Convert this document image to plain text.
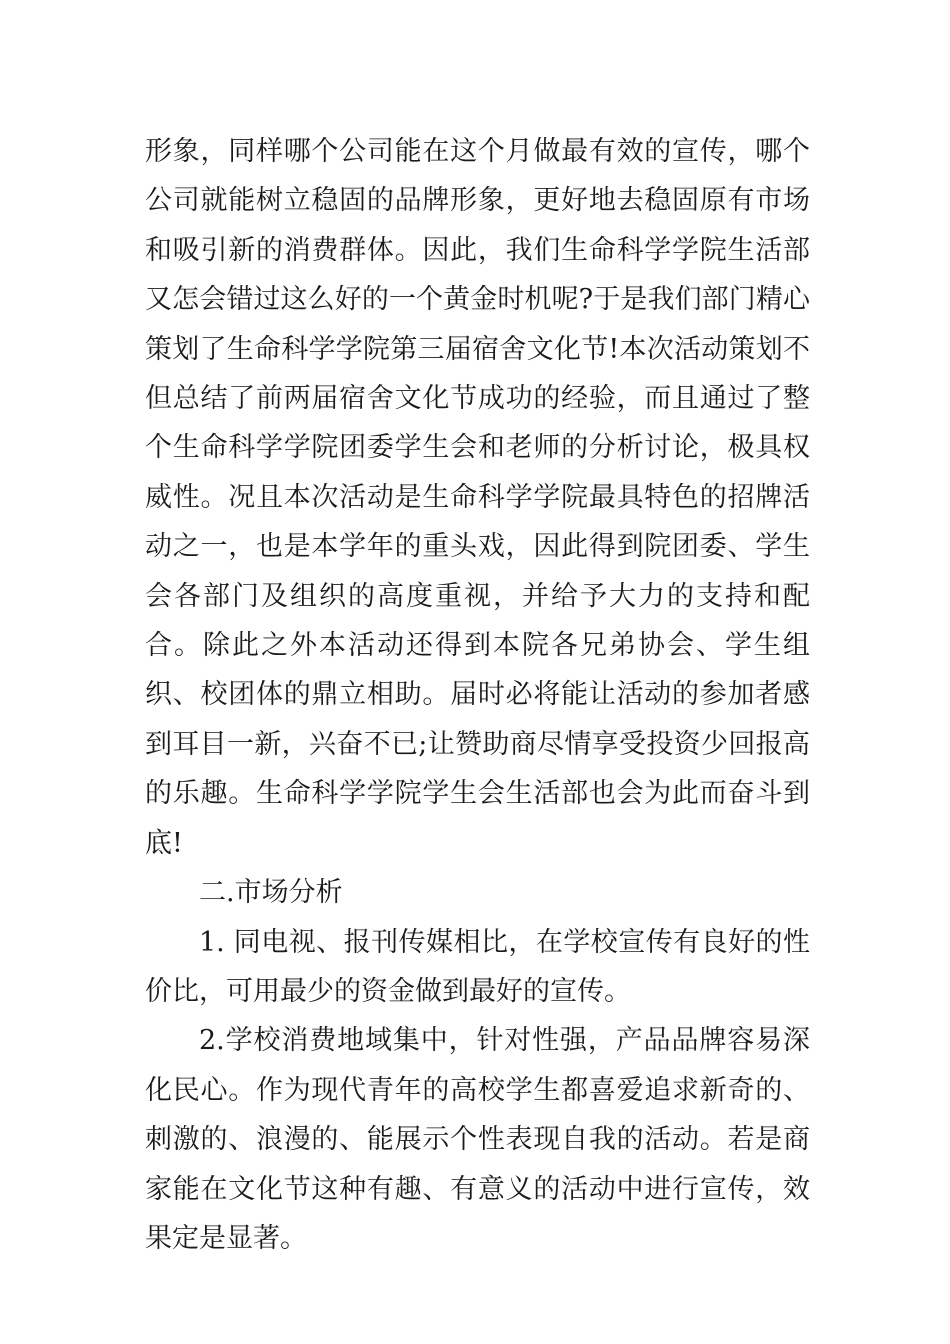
形象，同样哪个公司能在这个月做最有效的宣传，哪个公司就能树立稳固的品牌形象，更好地去稳固原有市场和吸引新的消费群体。因此，我们生命科学学院生活部又怎会错过这么好的一个黄金时机呢?于是我们部门精心策划了生命科学学院第三届宿舍文化节!本次活动策划不但总结了前两届宿舍文化节成功的经验，而且通过了整个生命科学学院团委学生会和老师的分析讨论，极具权威性。况且本次活动是生命科学学院最具特色的招牌活动之一，也是本学年的重头戏，因此得到院团委、学生会各部门及组织的高度重视，并给予大力的支持和配合。除此之外本活动还得到本院各兄弟协会、学生组织、校团体的鼎立相助。届时必将能让活动的参加者感到耳目一新，兴奋不已;让赞助商尽情享受投资少回报高的乐趣。生命科学学院学生会生活部也会为此而奋斗到底!

二.市场分析

1. 同电视、报刊传媒相比，在学校宣传有良好的性价比，可用最少的资金做到最好的宣传。

2.学校消费地域集中，针对性强，产品品牌容易深化民心。作为现代青年的高校学生都喜爱追求新奇的、刺激的、浪漫的、能展示个性表现自我的活动。若是商家能在文化节这种有趣、有意义的活动中进行宣传，效果定是显著。
